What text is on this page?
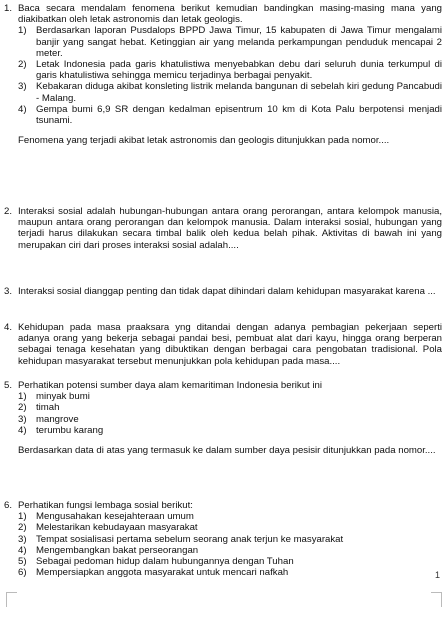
1. Baca secara mendalam fenomena berikut kemudian bandingkan masing-masing mana yang diakibatkan oleh letak astronomis dan letak geologis.
1) Berdasarkan laporan Pusdalops BPPD Jawa Timur, 15 kabupaten di Jawa Timur mengalami banjir yang sangat hebat. Ketinggian air yang melanda perkampungan penduduk mencapai 2 meter.
2) Letak Indonesia pada garis khatulistiwa menyebabkan debu dari seluruh dunia terkumpul di garis khatulistiwa sehingga memicu terjadinya berbagai penyakit.
3) Kebakaran diduga akibat konsleting listrik melanda bangunan di sebelah kiri gedung Pancabudi - Malang.
4) Gempa bumi 6,9 SR dengan kedalman episentrum 10 km di Kota Palu berpotensi menjadi tsunami.
Fenomena yang terjadi akibat letak astronomis dan geologis ditunjukkan pada nomor....
2. Interaksi sosial adalah hubungan-hubungan antara orang perorangan, antara kelompok manusia, maupun antara orang perorangan dan kelompok manusia. Dalam interaksi sosial, hubungan yang terjadi harus dilakukan secara timbal balik oleh kedua belah pihak. Aktivitas di bawah ini yang merupakan ciri dari proses interaksi sosial adalah....
3. Interaksi sosial dianggap penting dan tidak dapat dihindari dalam kehidupan masyarakat karena ...
4. Kehidupan pada masa praaksara yng ditandai dengan adanya pembagian pekerjaan seperti adanya orang yang bekerja sebagai pandai besi, pembuat alat dari kayu, hingga orang berperan sebagai tenaga kesehatan yang dibuktikan dengan berbagai cara pengobatan tradisional. Pola kehidupan masyarakat tersebut menunjukkan pola kehidupan pada masa....
5. Perhatikan potensi sumber daya alam kemaritiman Indonesia berikut ini
1) minyak bumi
2) timah
3) mangrove
4) terumbu karang
Berdasarkan data di atas yang termasuk ke dalam sumber daya pesisir ditunjukkan pada nomor....
6. Perhatikan fungsi lembaga sosial berikut:
1) Mengusahakan kesejahteraan umum
2) Melestarikan kebudayaan masyarakat
3) Tempat sosialisasi pertama sebelum seorang anak terjun ke masyarakat
4) Mengembangkan bakat perseorangan
5) Sebagai pedoman hidup dalam hubungannya dengan Tuhan
6) Mempersiapkan anggota masyarakat untuk mencari nafkah	1
